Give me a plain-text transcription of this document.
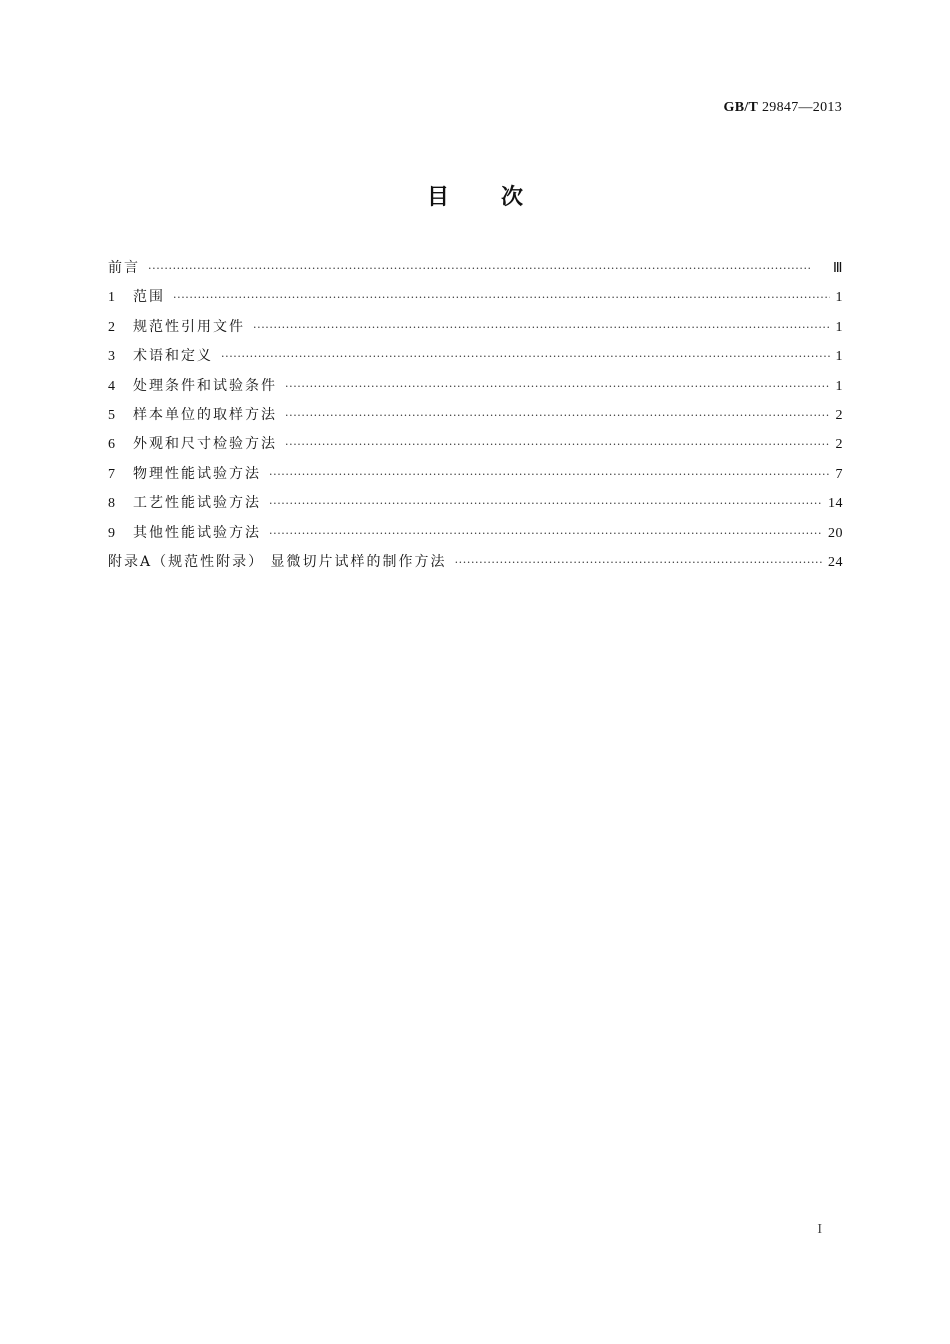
GB/T 29847—2013
目 次
前言 ·····	Ⅲ
1	范围 ·····	1
2	规范性引用文件 ·····	1
3	术语和定义 ·····	1
4	处理条件和试验条件 ·····	1
5	样本单位的取样方法 ·····	2
6	外观和尺寸检验方法 ·····	2
7	物理性能试验方法 ·····	7
8	工艺性能试验方法 ·····	14
9	其他性能试验方法 ·····	20
附录A（规范性附录） 显微切片试样的制作方法 ·····	24
I
